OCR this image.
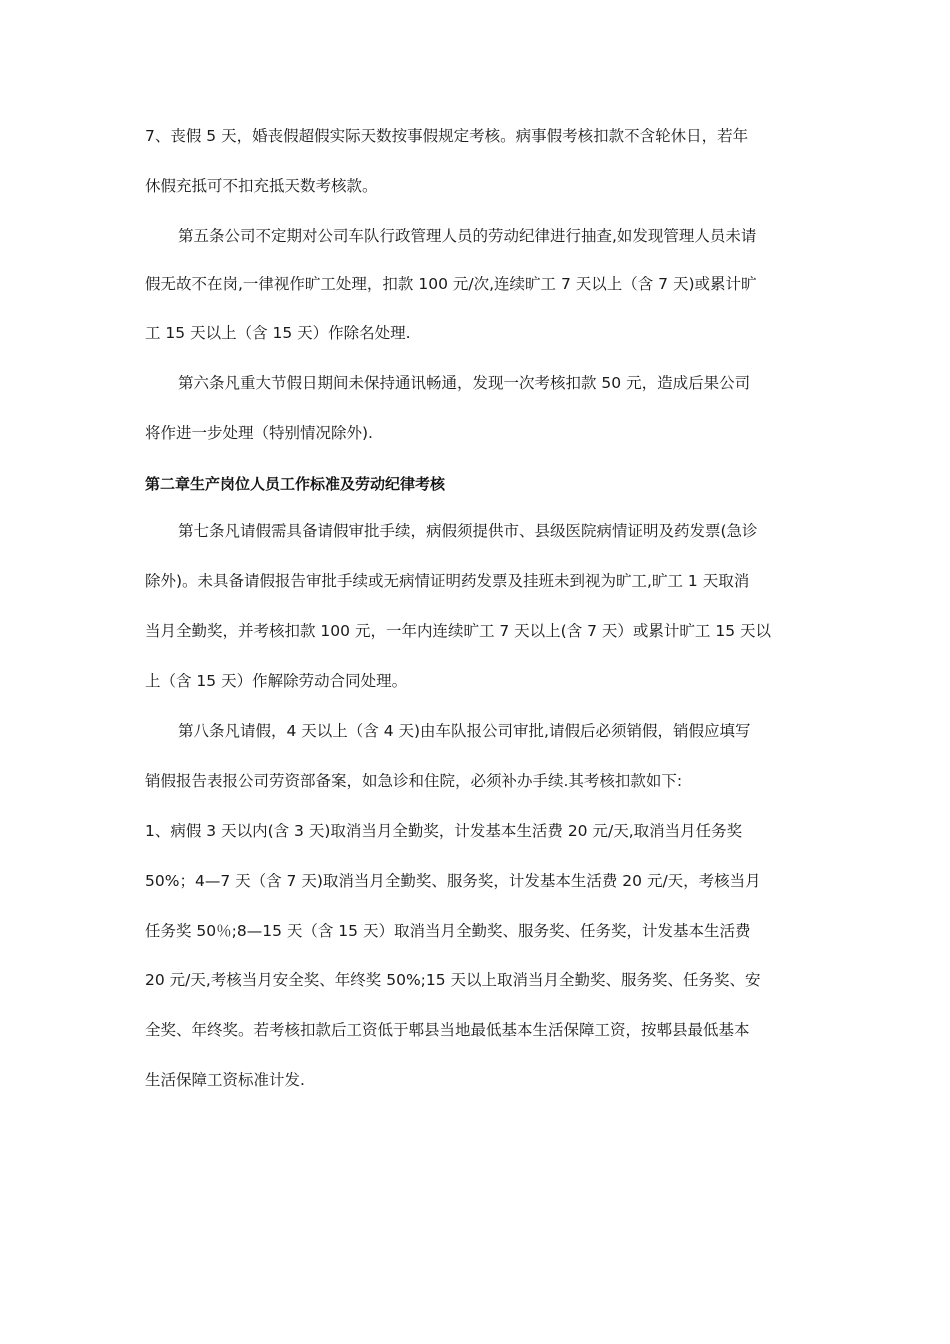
7、丧假 5 天，婚丧假超假实际天数按事假规定考核。病事假考核扣款不含轮休日，若年

休假充抵可不扣充抵天数考核款。

第五条公司不定期对公司车队行政管理人员的劳动纪律进行抽查,如发现管理人员未请

假无故不在岗,一律视作旷工处理，扣款 100 元/次,连续旷工 7 天以上（含 7 天)或累计旷

工 15 天以上（含 15 天）作除名处理.

第六条凡重大节假日期间未保持通讯畅通，发现一次考核扣款 50 元，造成后果公司

将作进一步处理（特别情况除外).

第二章生产岗位人员工作标准及劳动纪律考核

第七条凡请假需具备请假审批手续，病假须提供市、县级医院病情证明及药发票(急诊

除外)。未具备请假报告审批手续或无病情证明药发票及挂班未到视为旷工,旷工 1 天取消

当月全勤奖，并考核扣款 100 元，一年内连续旷工 7 天以上(含 7 天）或累计旷工 15 天以

上（含 15 天）作解除劳动合同处理。

第八条凡请假，4 天以上（含 4 天)由车队报公司审批,请假后必须销假，销假应填写

销假报告表报公司劳资部备案，如急诊和住院，必须补办手续.其考核扣款如下:

1、病假 3 天以内(含 3 天)取消当月全勤奖，计发基本生活费 20 元/天,取消当月任务奖

50%；4—7 天（含 7 天)取消当月全勤奖、服务奖，计发基本生活费 20 元/天，考核当月

任务奖 50％;8—15 天（含 15 天）取消当月全勤奖、服务奖、任务奖，计发基本生活费

20 元/天,考核当月安全奖、年终奖 50%;15 天以上取消当月全勤奖、服务奖、任务奖、安

全奖、年终奖。若考核扣款后工资低于郫县当地最低基本生活保障工资，按郫县最低基本

生活保障工资标准计发.
